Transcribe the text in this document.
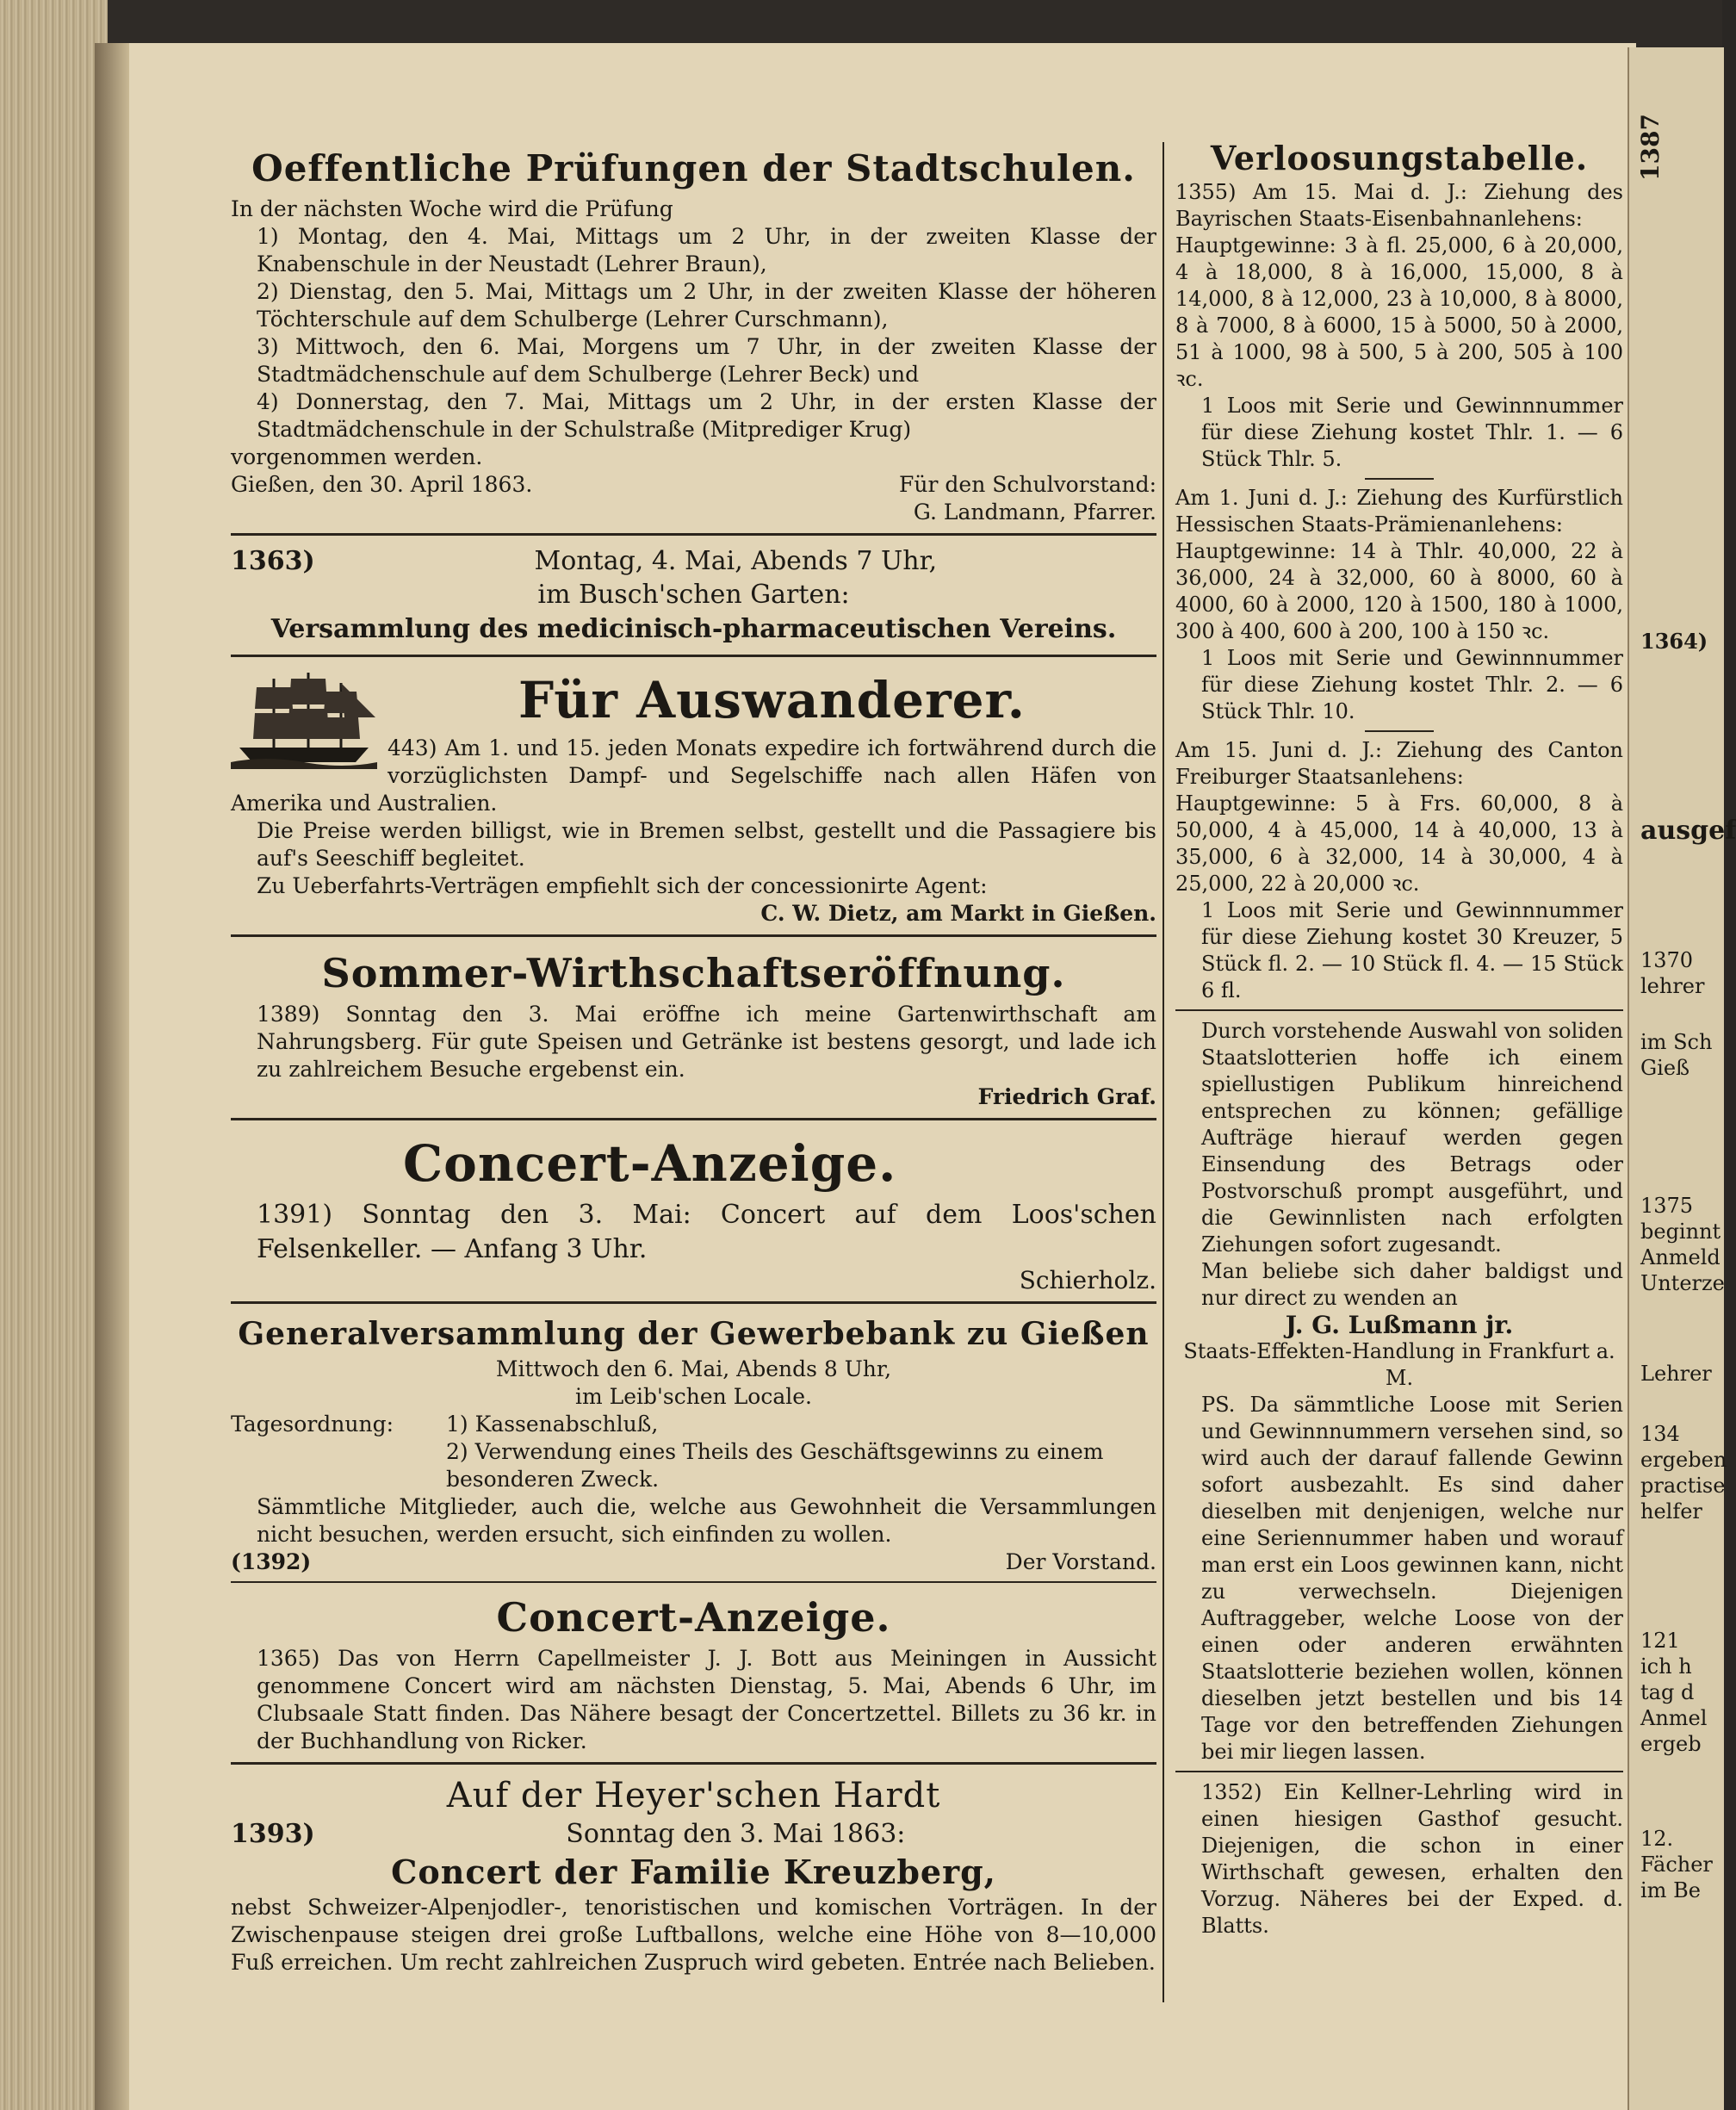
1387
Oeffentliche Prüfungen der Stadtschulen.

In der nächsten Woche wird die Prüfung

1) Montag, den 4. Mai, Mittags um 2 Uhr, in der zweiten Klasse der Knabenschule in der Neustadt (Lehrer Braun),

2) Dienstag, den 5. Mai, Mittags um 2 Uhr, in der zweiten Klasse der höheren Töchterschule auf dem Schulberge (Lehrer Curschmann),

3) Mittwoch, den 6. Mai, Morgens um 7 Uhr, in der zweiten Klasse der Stadtmädchenschule auf dem Schulberge (Lehrer Beck) und

4) Donnerstag, den 7. Mai, Mittags um 2 Uhr, in der ersten Klasse der Stadtmädchenschule in der Schulstraße (Mitprediger Krug)

vorgenommen werden.

Gießen, den 30. April 1863.	Für den Schulvorstand:
G. Landmann, Pfarrer.
1363)	Montag, 4. Mai, Abends 7 Uhr,
im Busch'schen Garten:
Versammlung des medicinisch-pharmaceutischen Vereins.
Für Auswanderer.

443) Am 1. und 15. jeden Monats expedire ich fortwährend durch die vorzüglichsten Dampf- und Segelschiffe nach allen Häfen von Amerika und Australien.

Die Preise werden billigst, wie in Bremen selbst, gestellt und die Passagiere bis auf's Seeschiff begleitet.

Zu Ueberfahrts-Verträgen empfiehlt sich der concessionirte Agent:

C. W. Dietz, am Markt in Gießen.
Sommer-Wirthschaftseröffnung.

1389) Sonntag den 3. Mai eröffne ich meine Gartenwirthschaft am Nahrungsberg. Für gute Speisen und Getränke ist bestens gesorgt, und lade ich zu zahlreichem Besuche ergebenst ein.

Friedrich Graf.
Concert-Anzeige.

1391) Sonntag den 3. Mai: Concert auf dem Loos'schen Felsenkeller. — Anfang 3 Uhr.

Schierholz.
Generalversammlung der Gewerbebank zu Gießen
Mittwoch den 6. Mai, Abends 8 Uhr,
im Leib'schen Locale.
Tagesordnung:	1) Kassenabschluß,
2) Verwendung eines Theils des Geschäftsgewinns zu einem besonderen Zweck.

Sämmtliche Mitglieder, auch die, welche aus Gewohnheit die Versammlungen nicht besuchen, werden ersucht, sich einfinden zu wollen.

(1392)	Der Vorstand.
Concert-Anzeige.

1365) Das von Herrn Capellmeister J. J. Bott aus Meiningen in Aussicht genommene Concert wird am nächsten Dienstag, 5. Mai, Abends 6 Uhr, im Clubsaale Statt finden. Das Nähere besagt der Concertzettel. Billets zu 36 kr. in der Buchhandlung von Ricker.

Auf der Heyer'schen Hardt
1393)	Sonntag den 3. Mai 1863:
Concert der Familie Kreuzberg,

nebst Schweizer-Alpenjodler-, tenoristischen und komischen Vorträgen. In der Zwischenpause steigen drei große Luftballons, welche eine Höhe von 8—10,000 Fuß erreichen. Um recht zahlreichen Zuspruch wird gebeten. Entrée nach Belieben.

Verloosungstabelle.

1355) Am 15. Mai d. J.: Ziehung des Bayrischen Staats-Eisenbahnanlehens:

Hauptgewinne: 3 à fl. 25,000, 6 à 20,000, 4 à 18,000, 8 à 16,000, 15,000, 8 à 14,000, 8 à 12,000, 23 à 10,000, 8 à 8000, 8 à 7000, 8 à 6000, 15 à 5000, 50 à 2000, 51 à 1000, 98 à 500, 5 à 200, 505 à 100 ꝛc.

1 Loos mit Serie und Gewinnnummer für diese Ziehung kostet Thlr. 1. — 6 Stück Thlr. 5.

Am 1. Juni d. J.: Ziehung des Kurfürstlich Hessischen Staats-Prämienanlehens:

Hauptgewinne: 14 à Thlr. 40,000, 22 à 36,000, 24 à 32,000, 60 à 8000, 60 à 4000, 60 à 2000, 120 à 1500, 180 à 1000, 300 à 400, 600 à 200, 100 à 150 ꝛc.

1 Loos mit Serie und Gewinnnummer für diese Ziehung kostet Thlr. 2. — 6 Stück Thlr. 10.

Am 15. Juni d. J.: Ziehung des Canton Freiburger Staatsanlehens:

Hauptgewinne: 5 à Frs. 60,000, 8 à 50,000, 4 à 45,000, 14 à 40,000, 13 à 35,000, 6 à 32,000, 14 à 30,000, 4 à 25,000, 22 à 20,000 ꝛc.

1 Loos mit Serie und Gewinnnummer für diese Ziehung kostet 30 Kreuzer, 5 Stück fl. 2. — 10 Stück fl. 4. — 15 Stück 6 fl.

Durch vorstehende Auswahl von soliden Staatslotterien hoffe ich einem spiellustigen Publikum hinreichend entsprechen zu können; gefällige Aufträge hierauf werden gegen Einsendung des Betrags oder Postvorschuß prompt ausgeführt, und die Gewinnlisten nach erfolgten Ziehungen sofort zugesandt.

Man beliebe sich daher baldigst und nur direct zu wenden an

J. G. Lußmann jr.
Staats-Effekten-Handlung in Frankfurt a. M.

PS. Da sämmtliche Loose mit Serien und Gewinnnummern versehen sind, so wird auch der darauf fallende Gewinn sofort ausbezahlt. Es sind daher dieselben mit denjenigen, welche nur eine Seriennummer haben und worauf man erst ein Loos gewinnen kann, nicht zu verwechseln. Diejenigen Auftraggeber, welche Loose von der einen oder anderen erwähnten Staatslotterie beziehen wollen, können dieselben jetzt bestellen und bis 14 Tage vor den betreffenden Ziehungen bei mir liegen lassen.

1352) Ein Kellner-Lehrling wird in einen hiesigen Gasthof gesucht. Diejenigen, die schon in einer Wirthschaft gewesen, erhalten den Vorzug. Näheres bei der Exped. d. Blatts.

1364)
ausgef
1370
lehrer
im Sch
Gieß
1375
beginnt
Anmeld
Unterze
Lehrer
134
ergeben
practise
helfer
121
ich h
tag d
Anmel
ergeb
12.
Fächer
im Be
